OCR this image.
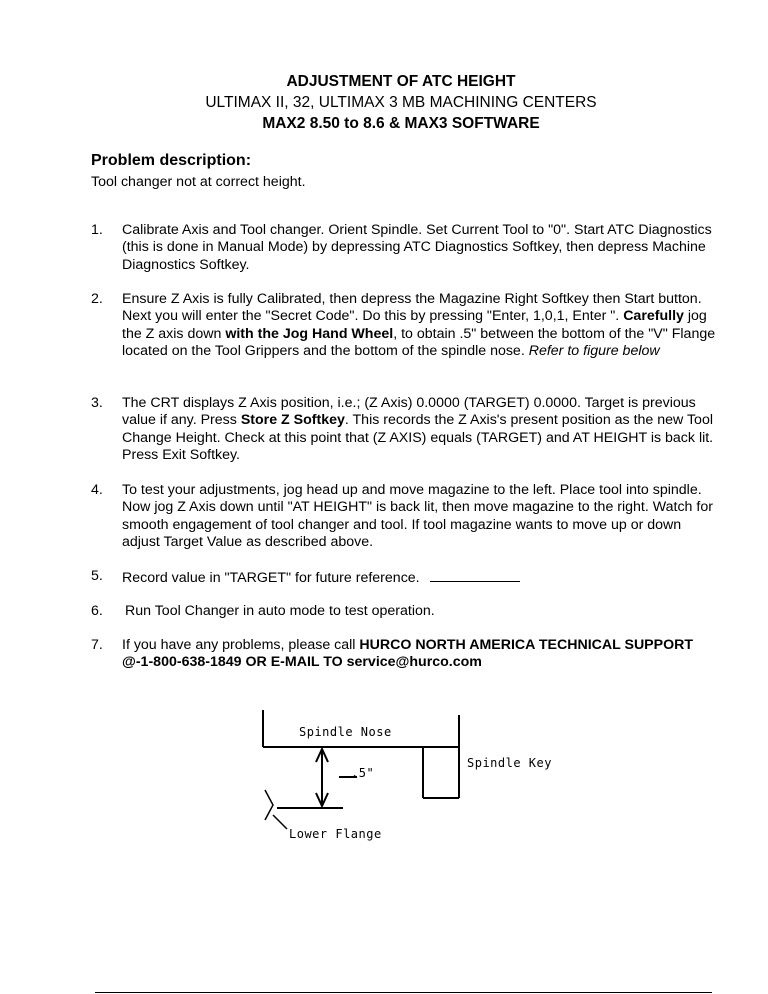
ADJUSTMENT OF ATC HEIGHT
ULTIMAX II, 32, ULTIMAX 3 MB MACHINING CENTERS
MAX2 8.50 to 8.6 & MAX3 SOFTWARE
Problem description:
Tool changer not at correct height.
1. Calibrate Axis and Tool changer. Orient Spindle. Set Current Tool to "0". Start ATC Diagnostics (this is done in Manual Mode) by depressing ATC Diagnostics Softkey, then depress Machine Diagnostics Softkey.
2. Ensure Z Axis is fully Calibrated, then depress the Magazine Right Softkey then Start button. Next you will enter the "Secret Code". Do this by pressing "Enter, 1,0,1, Enter ". Carefully jog the Z axis down with the Jog Hand Wheel, to obtain .5" between the bottom of the "V" Flange located on the Tool Grippers and the bottom of the spindle nose. Refer to figure below
3. The CRT displays Z Axis position, i.e.; (Z Axis) 0.0000 (TARGET) 0.0000. Target is previous value if any. Press Store Z Softkey. This records the Z Axis's present position as the new Tool Change Height. Check at this point that (Z AXIS) equals (TARGET) and AT HEIGHT is back lit. Press Exit Softkey.
4. To test your adjustments, jog head up and move magazine to the left. Place tool into spindle. Now jog Z Axis down until "AT HEIGHT" is back lit, then move magazine to the right. Watch for smooth engagement of tool changer and tool. If tool magazine wants to move up or down adjust Target Value as described above.
5. Record value in "TARGET" for future reference.
6. Run Tool Changer in auto mode to test operation.
7. If you have any problems, please call HURCO NORTH AMERICA TECHNICAL SUPPORT @-1-800-638-1849 OR E-MAIL TO service@hurco.com
Spindle Nose
Spindle Key
.5"
Lower Flange
